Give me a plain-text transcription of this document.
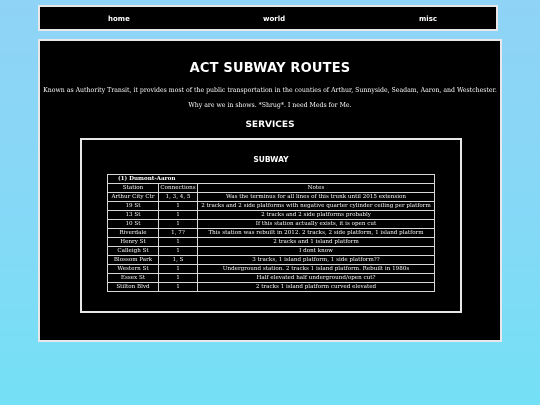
home	world	misc
ACT SUBWAY ROUTES
Known as Authority Transit, it provides most of the public transportation in the counties of Arthur, Sunnyside, Seadam, Aaron, and Westchester.
Why are we in shows. *Shrug*. I need Meds for Me.
SERVICES
SUBWAY
(1) Dumont-Aaron		
Station	Connections	Notes
Arthur City Ctr	1, 3, 4, 5	Was the terminus for all lines of this trunk until 2015 extension
19 St	1	2 tracks and 2 side platforms with negative quarter cylinder ceiling per platform
13 St	1	2 tracks and 2 side platforms probably
10 St	1	If this station actually exists, it is open cut
Riverdale	1, 7?	This station was rebuilt in 2012. 2 tracks, 2 side platform, 1 island platform
Henry St	1	2 tracks and 1 island platform
Calleigh St	1	I dont know
Blossom Park	1, S	3 tracks, 1 island platform, 1 side platform??
Western St	1	Underground station. 2 tracks 1 island platform. Rebuilt in 1980s
Essex St	1	Half elevated half underground/open cut?
Stilton Blvd	1	2 tracks 1 island platform curved elevated
